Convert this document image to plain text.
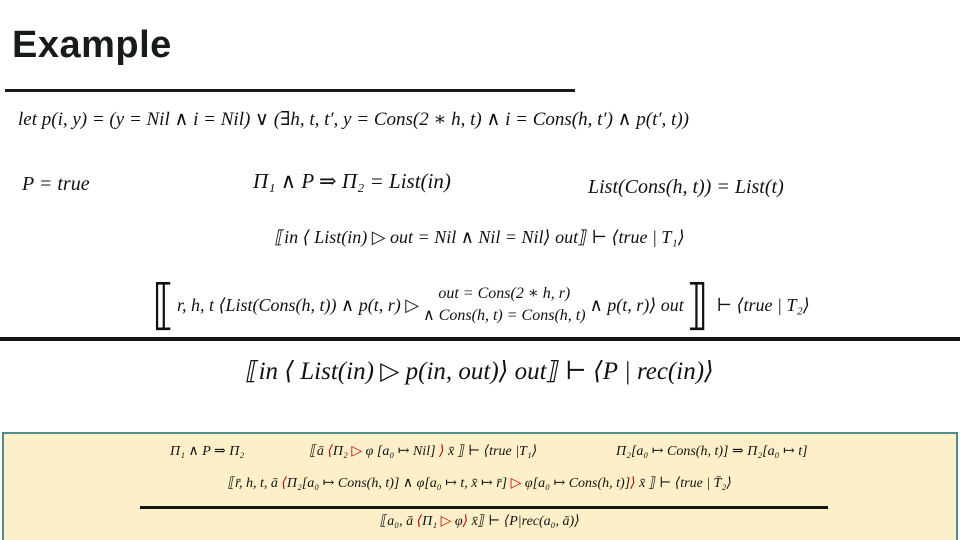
Example
let p(i, y) = (y = Nil ∧ i = Nil) ∨ (∃h, t, t′, y = Cons(2 ∗ h, t) ∧ i = Cons(h, t′) ∧ p(t′, t))
P = true	Π₁ ∧ P ⇒ Π₂ = List(in)	List(Cons(h, t)) = List(t)
⟦in ⟨ List(in) ▷ out = Nil ∧ Nil = Nil⟩ out⟧ ⊢ ⟨true | T₁⟩
⟦ r, h, t ⟨List(Cons(h, t)) ∧ p(t, r) ▷
out = Cons(2 ∗ h, r)
∧ Cons(h, t) = Cons(h, t)
∧ p(t, r)⟩ out ⟧ ⊢ ⟨true | T₂⟩
⟦in ⟨ List(in) ▷ p(in, out)⟩ out⟧ ⊢ ⟨P | rec(in)⟩
Π₁ ∧ P ⇒ Π₂	⟦ā ⟨Π₂ ▷ φ [a₀ ↦ Nil] ⟩ x̄ ⟧ ⊢ ⟨true |T₁⟩	Π₂[a₀ ↦ Cons(h, t)] ⇒ Π₂[a₀ ↦ t]
⟦r̄, h, t, ā ⟨Π₂[a₀ ↦ Cons(h, t)] ∧ φ[a₀ ↦ t, x̄ ↦ r̄] ▷ φ[a₀ ↦ Cons(h, t)]⟩ x̄ ⟧ ⊢ ⟨true | T̄₂⟩
⟦a₀, ā ⟨Π₁ ▷ φ⟩ x̄⟧ ⊢ ⟨P|rec(a₀, ā)⟩
